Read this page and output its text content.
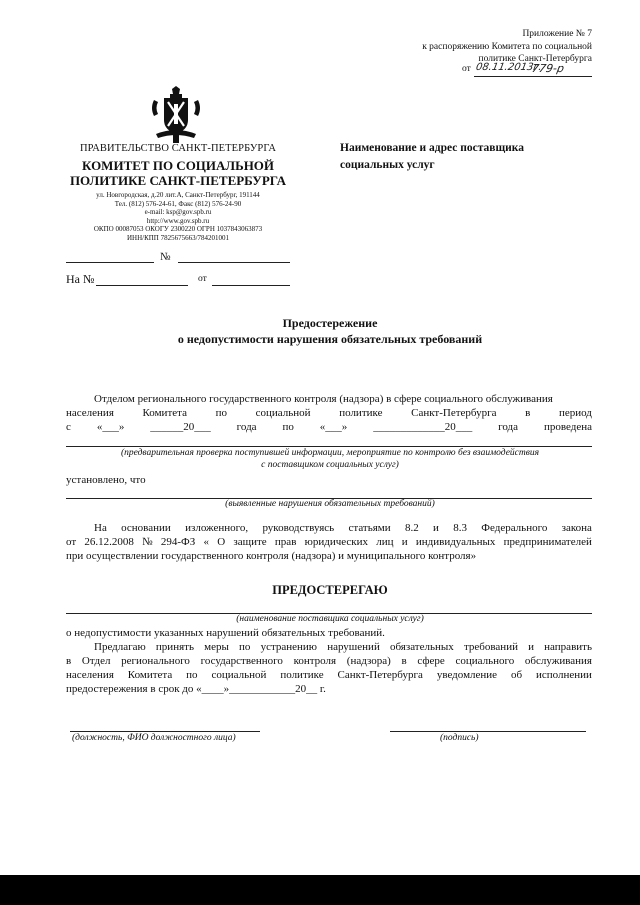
Приложение № 7
к распоряжению Комитета по социальной
политике Санкт-Петербурга
от 08.11.2013г.
779-р
ПРАВИТЕЛЬСТВО САНКТ-ПЕТЕРБУРГА
КОМИТЕТ ПО СОЦИАЛЬНОЙ
ПОЛИТИКЕ САНКТ-ПЕТЕРБУРГА
ул. Новгородская, д.20 лит.А, Санкт-Петербург, 191144
Тел. (812) 576-24-61, Факс (812) 576-24-90
e-mail: ksp@gov.spb.ru
http://www.gov.spb.ru
ОКПО 00087053 ОКОГУ 2300220 ОГРН 1037843063873
ИНН/КПП 7825675663/784201001
№
На №	от
Наименование и адрес поставщика
социальных услуг
Предостережение
о недопустимости нарушения обязательных требований
Отделом регионального государственного контроля (надзора) в сфере социального обслуживания
населения	Комитета	по	социальной	политике	Санкт-Петербурга	в	период
с «___» ______20___ года по «___» _____________20___ года проведена
(предварительная проверка поступившей информации, мероприятие по контролю без взаимодействия
с поставщиком социальных услуг)
установлено, что
(выявленные нарушения обязательных требований)
На основании изложенного, руководствуясь статьями 8.2 и 8.3 Федерального закона
от 26.12.2008 № 294-ФЗ « О защите прав юридических лиц и индивидуальных предпринимателей
при осуществлении государственного контроля (надзора) и муниципального контроля»
ПРЕДОСТЕРЕГАЮ
(наименование поставщика социальных услуг)
о недопустимости указанных нарушений обязательных требований.
Предлагаю принять меры по устранению нарушений обязательных требований и направить
в Отдел регионального государственного контроля (надзора) в сфере социального обслуживания
населения Комитета по социальной политике Санкт-Петербурга уведомление об исполнении
предостережения в срок до «____»____________20__ г.
(должность, ФИО должностного лица)	(подпись)
